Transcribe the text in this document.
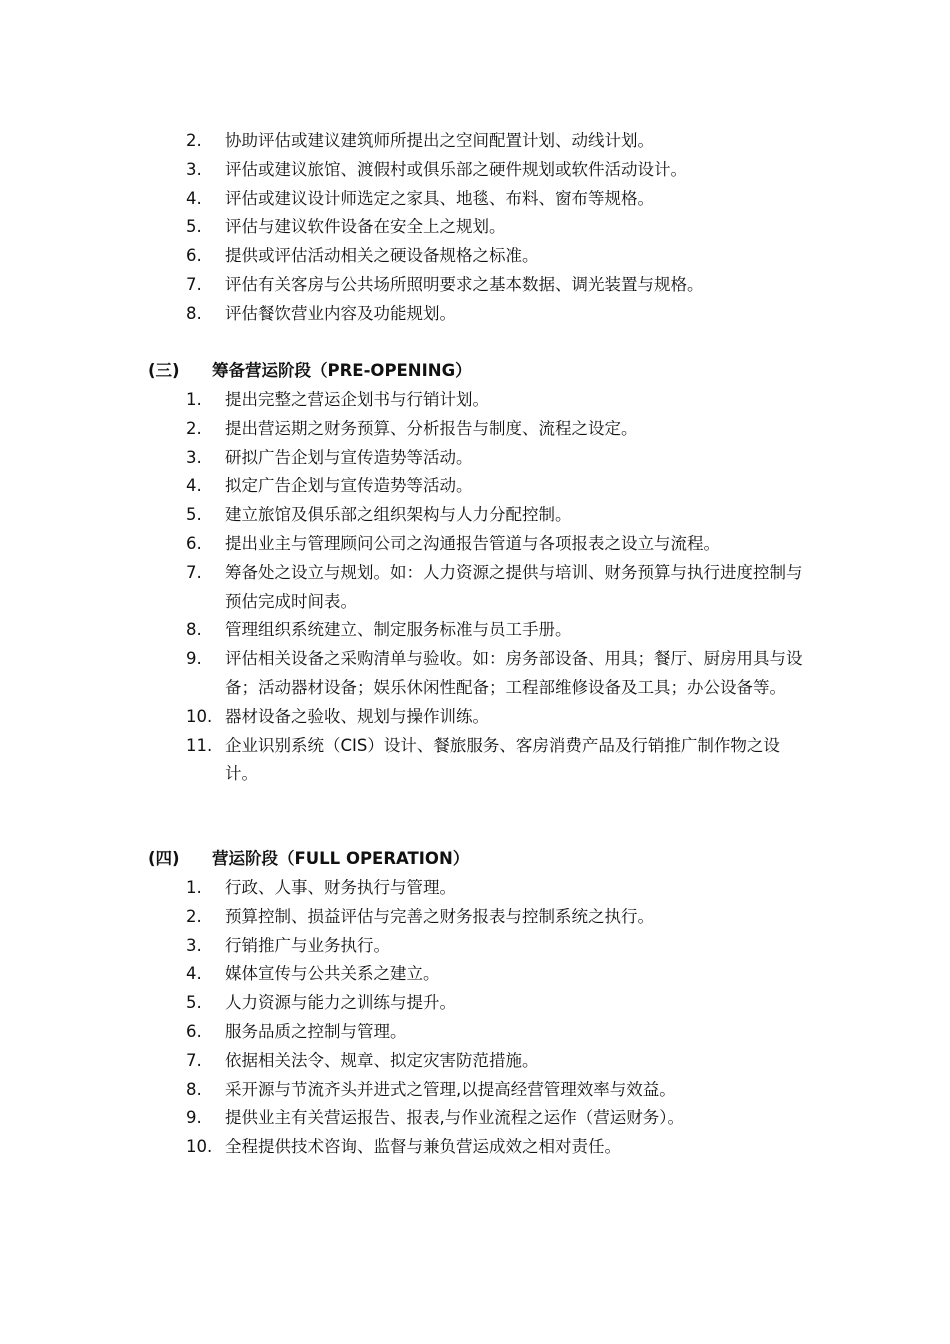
2. 协助评估或建议建筑师所提出之空间配置计划、动线计划。
3. 评估或建议旅馆、渡假村或俱乐部之硬件规划或软件活动设计。
4. 评估或建议设计师选定之家具、地毯、布料、窗布等规格。
5. 评估与建议软件设备在安全上之规划。
6. 提供或评估活动相关之硬设备规格之标准。
7. 评估有关客房与公共场所照明要求之基本数据、调光装置与规格。
8. 评估餐饮营业内容及功能规划。
(三) 筹备营运阶段（PRE-OPENING）
1. 提出完整之营运企划书与行销计划。
2. 提出营运期之财务预算、分析报告与制度、流程之设定。
3. 研拟广告企划与宣传造势等活动。
4. 拟定广告企划与宣传造势等活动。
5. 建立旅馆及俱乐部之组织架构与人力分配控制。
6. 提出业主与管理顾问公司之沟通报告管道与各项报表之设立与流程。
7. 筹备处之设立与规划。如：人力资源之提供与培训、财务预算与执行进度控制与预估完成时间表。
8. 管理组织系统建立、制定服务标准与员工手册。
9. 评估相关设备之采购清单与验收。如：房务部设备、用具；餐厅、厨房用具与设备；活动器材设备；娱乐休闲性配备；工程部维修设备及工具；办公设备等。
10. 器材设备之验收、规划与操作训练。
11. 企业识别系统（CIS）设计、餐旅服务、客房消费产品及行销推广制作物之设计。
(四) 营运阶段（FULL OPERATION）
1. 行政、人事、财务执行与管理。
2. 预算控制、损益评估与完善之财务报表与控制系统之执行。
3. 行销推广与业务执行。
4. 媒体宣传与公共关系之建立。
5. 人力资源与能力之训练与提升。
6. 服务品质之控制与管理。
7. 依据相关法令、规章、拟定灾害防范措施。
8. 采开源与节流齐头并进式之管理,以提高经营管理效率与效益。
9. 提供业主有关营运报告、报表,与作业流程之运作（营运财务）。
10. 全程提供技术咨询、监督与兼负营运成效之相对责任。
